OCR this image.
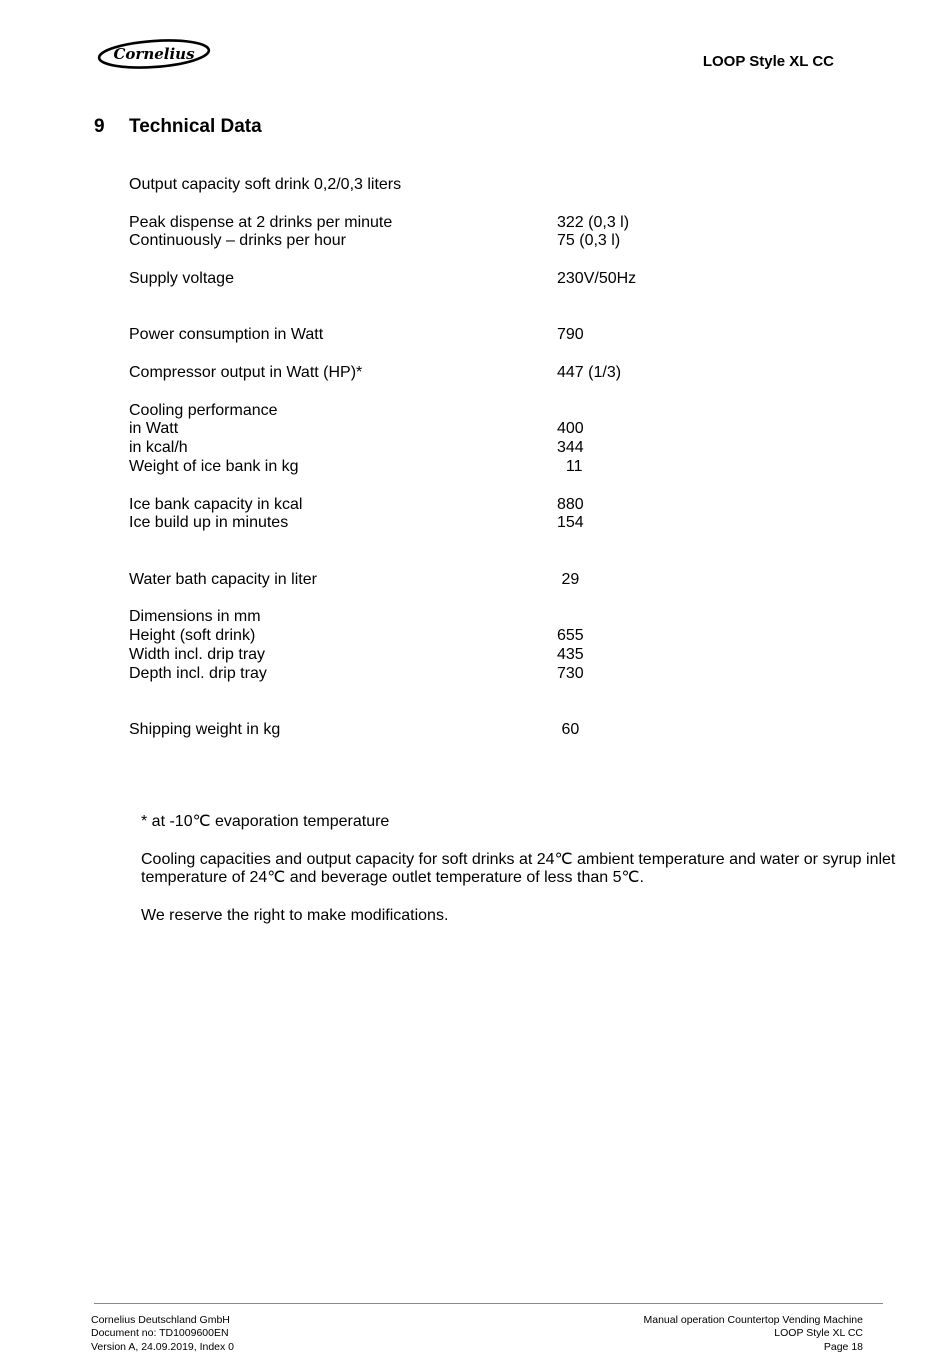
Cornelius	LOOP Style XL CC
9 Technical Data
Output capacity soft drink 0,2/0,3 liters
Peak dispense at 2 drinks per minute	322 (0,3 l)
Continuously – drinks per hour	75 (0,3 l)
Supply voltage	230V/50Hz
Power consumption in Watt	790
Compressor output in Watt (HP)*	447 (1/3)
Cooling performance
in Watt	400
in kcal/h	344
Weight of ice bank in kg	11
Ice bank capacity in kcal	880
Ice build up in minutes	154
Water bath capacity in liter	29
Dimensions in mm
Height (soft drink)	655
Width incl. drip tray	435
Depth incl. drip tray	730
Shipping weight in kg	60

* at -10℃ evaporation temperature

Cooling capacities and output capacity for soft drinks at 24℃ ambient temperature and water or syrup inlet temperature of 24℃ and beverage outlet temperature of less than 5℃.

We reserve the right to make modifications.

Cornelius Deutschland GmbH
Document no: TD1009600EN
Version A, 24.09.2019, Index 0
Manual operation Countertop Vending Machine
LOOP Style XL CC
Page 18
